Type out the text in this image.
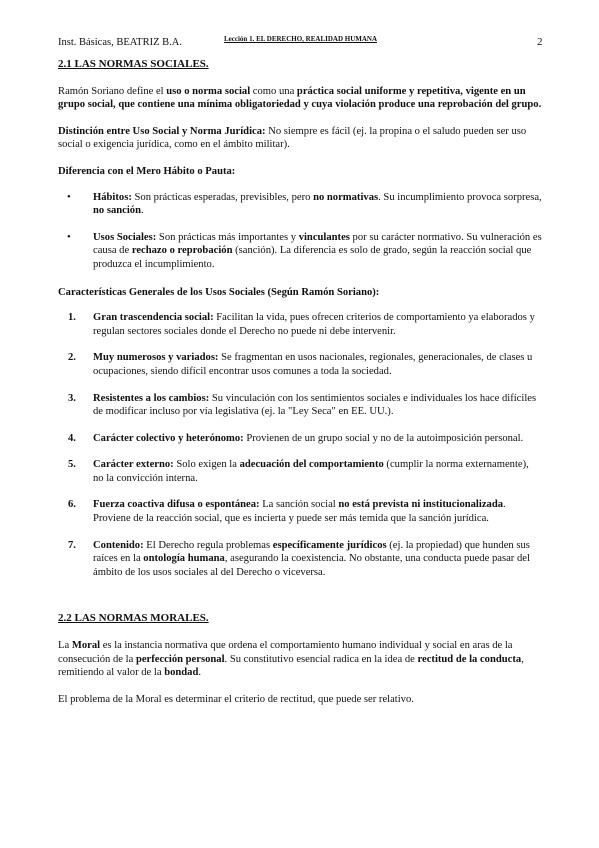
Inst. Básicas, BEATRIZ B.A.	Lección 1. EL DERECHO, REALIDAD HUMANA	2

2.1 LAS NORMAS SOCIALES.

Ramón Soriano define el uso o norma social como una práctica social uniforme y repetitiva, vigente en un grupo social, que contiene una mínima obligatoriedad y cuya violación produce una reprobación del grupo.

Distinción entre Uso Social y Norma Jurídica: No siempre es fácil (ej. la propina o el saludo pueden ser uso social o exigencia jurídica, como en el ámbito militar).

Diferencia con el Mero Hábito o Pauta:

• Hábitos: Son prácticas esperadas, previsibles, pero no normativas. Su incumplimiento provoca sorpresa, no sanción.
• Usos Sociales: Son prácticas más importantes y vinculantes por su carácter normativo. Su vulneración es causa de rechazo o reprobación (sanción). La diferencia es solo de grado, según la reacción social que produzca el incumplimiento.

Características Generales de los Usos Sociales (Según Ramón Soriano):

1. Gran trascendencia social: Facilitan la vida, pues ofrecen criterios de comportamiento ya elaborados y regulan sectores sociales donde el Derecho no puede ni debe intervenir.
2. Muy numerosos y variados: Se fragmentan en usos nacionales, regionales, generacionales, de clases u ocupaciones, siendo difícil encontrar usos comunes a toda la sociedad.
3. Resistentes a los cambios: Su vinculación con los sentimientos sociales e individuales los hace difíciles de modificar incluso por vía legislativa (ej. la "Ley Seca" en EE. UU.).
4. Carácter colectivo y heterónomo: Provienen de un grupo social y no de la autoimposición personal.
5. Carácter externo: Solo exigen la adecuación del comportamiento (cumplir la norma externamente), no la convicción interna.
6. Fuerza coactiva difusa o espontánea: La sanción social no está prevista ni institucionalizada. Proviene de la reacción social, que es incierta y puede ser más temida que la sanción jurídica.
7. Contenido: El Derecho regula problemas específicamente jurídicos (ej. la propiedad) que hunden sus raíces en la ontología humana, asegurando la coexistencia. No obstante, una conducta puede pasar del ámbito de los usos sociales al del Derecho o viceversa.

2.2 LAS NORMAS MORALES.

La Moral es la instancia normativa que ordena el comportamiento humano individual y social en aras de la consecución de la perfección personal. Su constitutivo esencial radica en la idea de rectitud de la conducta, remitiendo al valor de la bondad.

El problema de la Moral es determinar el criterio de rectitud, que puede ser relativo.
